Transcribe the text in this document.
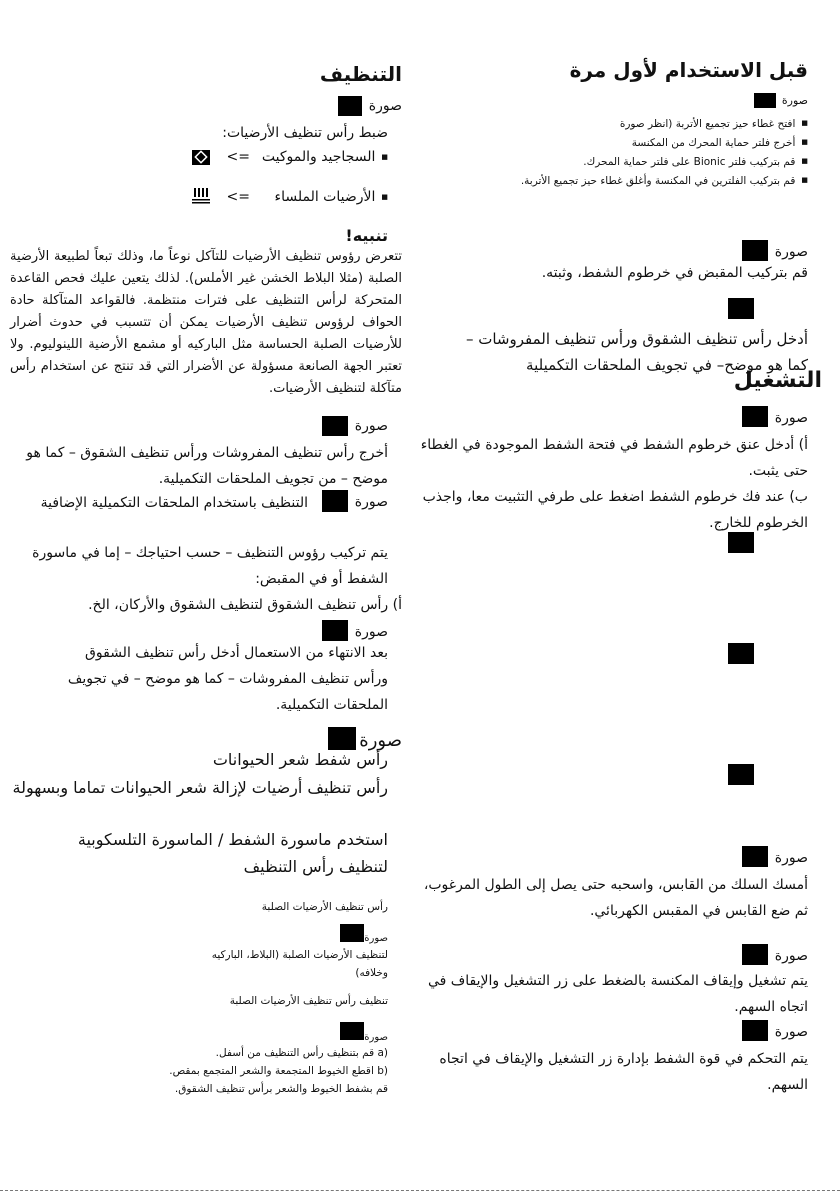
قبل الاستخدام لأول مرة
صورة
■ افتح غطاء حيز تجميع الأتربة (انظر صورة
■ أخرج فلتر حماية المحرك من المكنسة
■ قم بتركيب فلتر Bionic على فلتر حماية المحرك.
■ قم بتركيب الفلترين في المكنسة وأغلق غطاء حيز تجميع الأتربة.
صورة
قم بتركيب المقبض في خرطوم الشفط، وثبته.
أدخل رأس تنظيف الشقوق ورأس تنظيف المفروشات –كما هو موضح– في تجويف الملحقات التكميلية
التشغيل
صورة
أ) أدخل عنق خرطوم الشفط في فتحة الشفط الموجودة في الغطاء حتى يثبت.
ب) عند فك خرطوم الشفط اضغط على طرفي التثبيت معا، واجذب الخرطوم للخارج.
صورة
أمسك السلك من القابس، واسحبه حتى يصل إلى الطول المرغوب، ثم ضع القابس في المقبس الكهربائي.
صورة
يتم تشغيل وإيقاف المكنسة بالضغط على زر التشغيل والإيقاف في اتجاه السهم.
صورة
يتم التحكم في قوة الشفط بإدارة زر التشغيل والإيقاف في اتجاه السهم.
التنظيف
صورة
ضبط رأس تنظيف الأرضيات:
■ السجاجيد والموكيت
<=
■ الأرضيات الملساء
<=
تنبيه!
تتعرض رؤوس تنظيف الأرضيات للتآكل نوعاً ما، وذلك تبعاً لطبيعة الأرضية الصلبة (مثلا البلاط الخشن غير الأملس). لذلك يتعين عليك فحص القاعدة المتحركة لرأس التنظيف على فترات منتظمة. فالقواعد المتآكلة حادة الحواف لرؤوس تنظيف الأرضيات يمكن أن تتسبب في حدوث أضرار للأرضيات الصلبة الحساسة مثل الباركيه أو مشمع الأرضية اللينوليوم. ولا تعتبر الجهة الصانعة مسؤولة عن الأضرار التي قد تنتج عن استخدام رأس متآكلة لتنظيف الأرضيات.
صورة
أخرج رأس تنظيف المفروشات ورأس تنظيف الشقوق – كما هو موضح – من تجويف الملحقات التكميلية.
صورة
التنظيف باستخدام الملحقات التكميلية الإضافية
يتم تركيب رؤوس التنظيف – حسب احتياجك – إما في ماسورة الشفط أو في المقبض:
أ) رأس تنظيف الشقوق لتنظيف الشقوق والأركان، الخ.
صورة
بعد الانتهاء من الاستعمال أدخل رأس تنظيف الشقوق ورأس تنظيف المفروشات – كما هو موضح – في تجويف الملحقات التكميلية.
صورة
رأس شفط شعر الحيوانات
رأس تنظيف أرضيات لإزالة شعر الحيوانات تماما وبسهولة
استخدم ماسورة الشفط / الماسورة التلسكوبية لتنظيف رأس التنظيف
رأس تنظيف الأرضيات الصلبة
صورة
لتنظيف الأرضيات الصلبة (البلاط، الباركيه وخلافه)
تنظيف رأس تنظيف الأرضيات الصلبة
صورة
(a قم بتنظيف رأس التنظيف من أسفل.
(b اقطع الخيوط المتجمعة والشعر المتجمع بمقص.
قم بشفط الخيوط والشعر برأس تنظيف الشقوق.
